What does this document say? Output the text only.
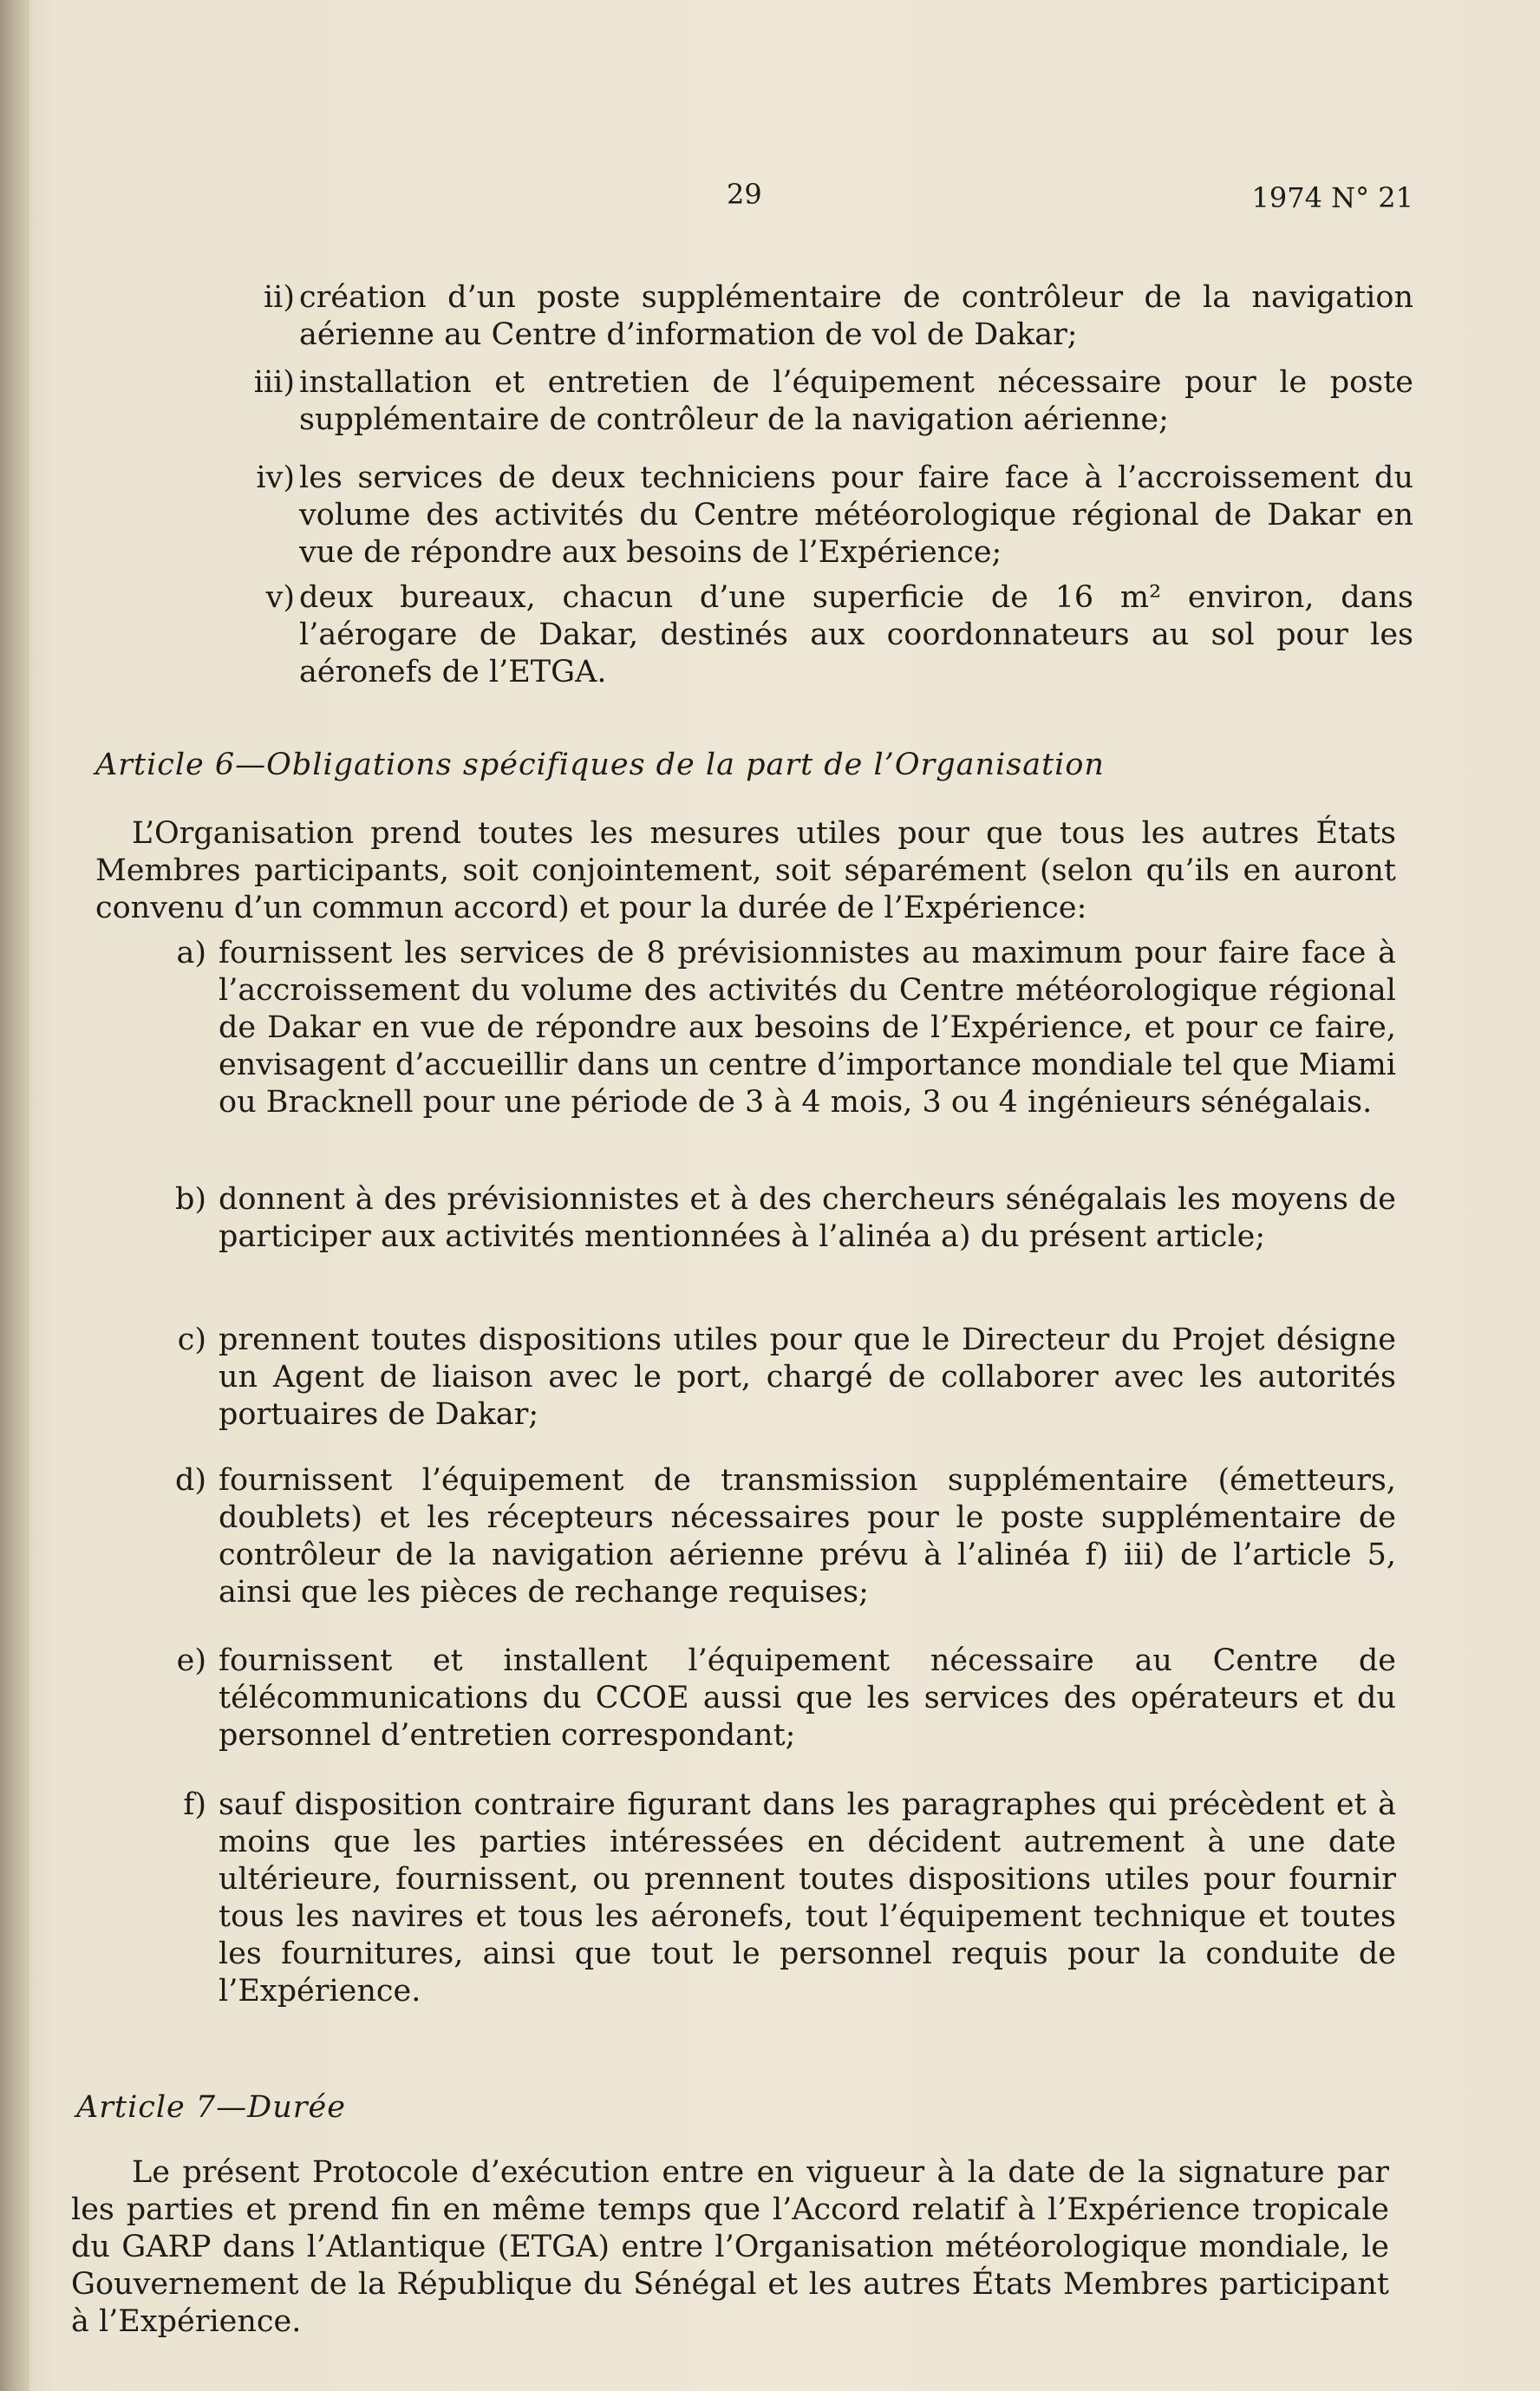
29	1974 N° 21
ii) création d’un poste supplémentaire de contrôleur de la navigation aérienne au Centre d’information de vol de Dakar;
iii) installation et entretien de l’équipement nécessaire pour le poste supplémentaire de contrôleur de la navigation aérienne;
iv) les services de deux techniciens pour faire face à l’accroissement du volume des activités du Centre météorologique régional de Dakar en vue de répondre aux besoins de l’Expérience;
v) deux bureaux, chacun d’une superficie de 16 m² environ, dans l’aérogare de Dakar, destinés aux coordonnateurs au sol pour les aéronefs de l’ETGA.
Article 6—Obligations spécifiques de la part de l’Organisation
L’Organisation prend toutes les mesures utiles pour que tous les autres États Membres participants, soit conjointement, soit séparément (selon qu’ils en auront convenu d’un commun accord) et pour la durée de l’Expérience:
a) fournissent les services de 8 prévisionnistes au maximum pour faire face à l’accroissement du volume des activités du Centre météorologique régional de Dakar en vue de répondre aux besoins de l’Expérience, et pour ce faire, envisagent d’accueillir dans un centre d’importance mondiale tel que Miami ou Bracknell pour une période de 3 à 4 mois, 3 ou 4 ingénieurs sénégalais.
b) donnent à des prévisionnistes et à des chercheurs sénégalais les moyens de participer aux activités mentionnées à l’alinéa a) du présent article;
c) prennent toutes dispositions utiles pour que le Directeur du Projet désigne un Agent de liaison avec le port, chargé de collaborer avec les autorités portuaires de Dakar;
d) fournissent l’équipement de transmission supplémentaire (émetteurs, doublets) et les récepteurs nécessaires pour le poste supplémentaire de contrôleur de la navigation aérienne prévu à l’alinéa f) iii) de l’article 5, ainsi que les pièces de rechange requises;
e) fournissent et installent l’équipement nécessaire au Centre de télécommunications du CCOE aussi que les services des opérateurs et du personnel d’entretien correspondant;
f) sauf disposition contraire figurant dans les paragraphes qui précèdent et à moins que les parties intéressées en décident autrement à une date ultérieure, fournissent, ou prennent toutes dispositions utiles pour fournir tous les navires et tous les aéronefs, tout l’équipement technique et toutes les fournitures, ainsi que tout le personnel requis pour la conduite de l’Expérience.
Article 7—Durée
Le présent Protocole d’exécution entre en vigueur à la date de la signature par les parties et prend fin en même temps que l’Accord relatif à l’Expérience tropicale du GARP dans l’Atlantique (ETGA) entre l’Organisation météorologique mondiale, le Gouvernement de la République du Sénégal et les autres États Membres participant à l’Expérience.
